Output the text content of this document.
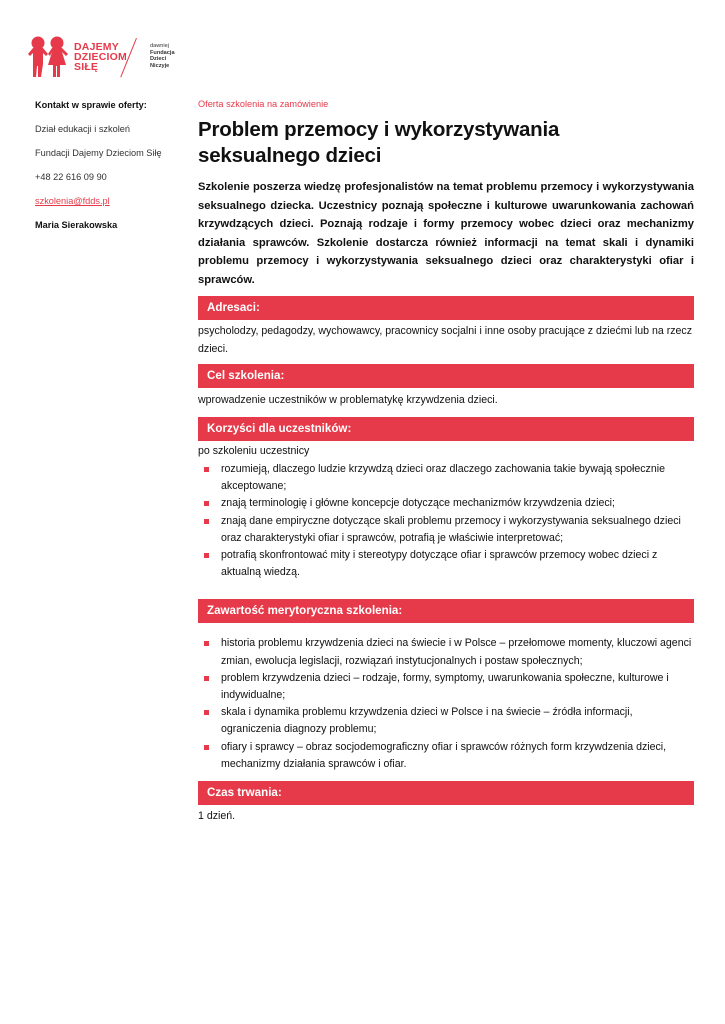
DAJEMY
DZIECIOM
SIŁĘ
dawniej
Fundacja
Dzieci
Niczyje
Kontakt w sprawie oferty:
Dział edukacji i szkoleń
Fundacji Dajemy Dzieciom Siłę
+48 22 616 09 90
szkolenia@fdds.pl
Maria Sierakowska
Oferta szkolenia na zamówienie
Problem przemocy i wykorzystywania
seksualnego dzieci

Szkolenie poszerza wiedzę profesjonalistów na temat problemu przemocy i wykorzystywania seksualnego dziecka. Uczestnicy poznają społeczne i kulturowe uwarunkowania zachowań krzywdzących dzieci. Poznają rodzaje i formy przemocy wobec dzieci oraz mechanizmy działania sprawców. Szkolenie dostarcza również informacji na temat skali i dynamiki problemu przemocy i wykorzystywania seksualnego dzieci oraz charakterystyki ofiar i sprawców.

Adresaci:

psycholodzy, pedagodzy, wychowawcy, pracownicy socjalni i inne osoby pracujące z dziećmi lub na rzecz dzieci.

Cel szkolenia:

wprowadzenie uczestników w problematykę krzywdzenia dzieci.

Korzyści dla uczestników:

po szkoleniu uczestnicy

rozumieją, dlaczego ludzie krzywdzą dzieci oraz dlaczego zachowania takie bywają społecznie akceptowane;
znają terminologię i główne koncepcje dotyczące mechanizmów krzywdzenia dzieci;
znają dane empiryczne dotyczące skali problemu przemocy i wykorzystywania seksualnego dzieci oraz charakterystyki ofiar i sprawców, potrafią je właściwie interpretować;
potrafią skonfrontować mity i stereotypy dotyczące ofiar i sprawców przemocy wobec dzieci z aktualną wiedzą.
Zawartość merytoryczna szkolenia:
historia problemu krzywdzenia dzieci na świecie i w Polsce – przełomowe momenty, kluczowi agenci zmian, ewolucja legislacji, rozwiązań instytucjonalnych i postaw społecznych;
problem krzywdzenia dzieci – rodzaje, formy, symptomy, uwarunkowania społeczne, kulturowe i indywidualne;
skala i dynamika problemu krzywdzenia dzieci w Polsce i na świecie – źródła informacji, ograniczenia diagnozy problemu;
ofiary i sprawcy – obraz socjodemograficzny ofiar i sprawców różnych form krzywdzenia dzieci, mechanizmy działania sprawców i ofiar.
Czas trwania:

1 dzień.
